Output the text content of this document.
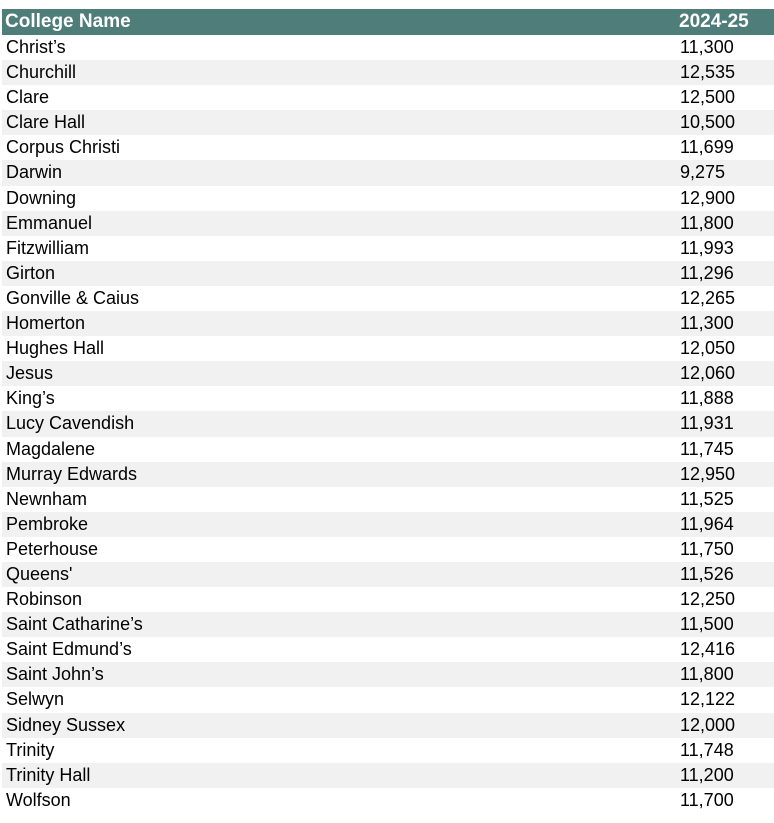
College Name	2024-25
Christ’s	11,300
Churchill	12,535
Clare	12,500
Clare Hall	10,500
Corpus Christi	11,699
Darwin	9,275
Downing	12,900
Emmanuel	11,800
Fitzwilliam	11,993
Girton	11,296
Gonville & Caius	12,265
Homerton	11,300
Hughes Hall	12,050
Jesus	12,060
King’s	11,888
Lucy Cavendish	11,931
Magdalene	11,745
Murray Edwards	12,950
Newnham	11,525
Pembroke	11,964
Peterhouse	11,750
Queens'	11,526
Robinson	12,250
Saint Catharine’s	11,500
Saint Edmund’s	12,416
Saint John’s	11,800
Selwyn	12,122
Sidney Sussex	12,000
Trinity	11,748
Trinity Hall	11,200
Wolfson	11,700
